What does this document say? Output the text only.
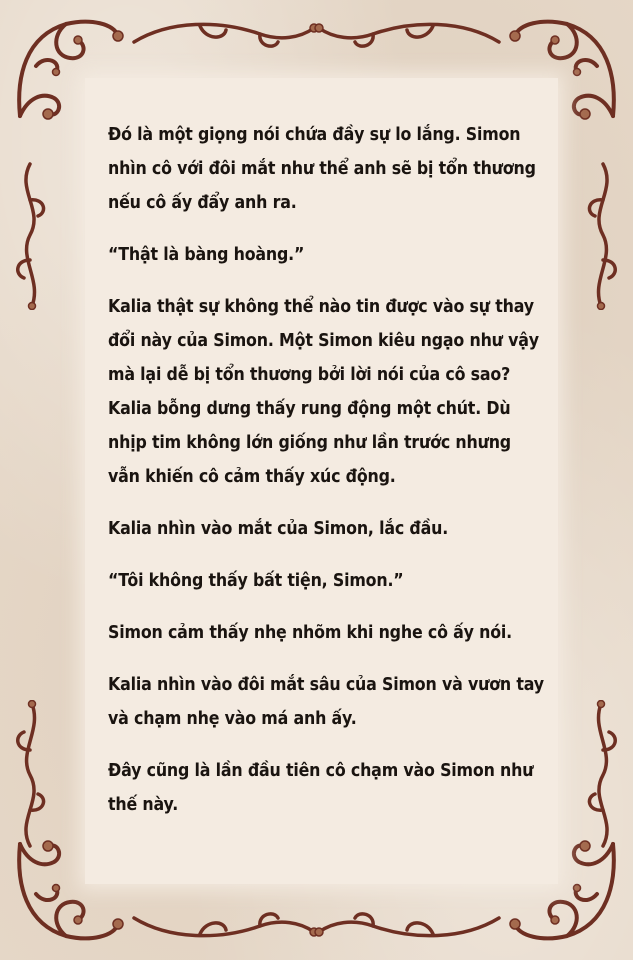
Đó là một giọng nói chứa đầy sự lo lắng. Simon nhìn cô với đôi mắt như thể anh sẽ bị tổn thương nếu cô ấy đẩy anh ra.

“Thật là bàng hoàng.”

Kalia thật sự không thể nào tin được vào sự thay đổi này của Simon. Một Simon kiêu ngạo như vậy mà lại dễ bị tổn thương bởi lời nói của cô sao? Kalia bỗng dưng thấy rung động một chút. Dù nhịp tim không lớn giống như lần trước nhưng vẫn khiến cô cảm thấy xúc động.

Kalia nhìn vào mắt của Simon, lắc đầu.

“Tôi không thấy bất tiện, Simon.”

Simon cảm thấy nhẹ nhõm khi nghe cô ấy nói.

Kalia nhìn vào đôi mắt sâu của Simon và vươn tay và chạm nhẹ vào má anh ấy.

Đây cũng là lần đầu tiên cô chạm vào Simon như thế này.
